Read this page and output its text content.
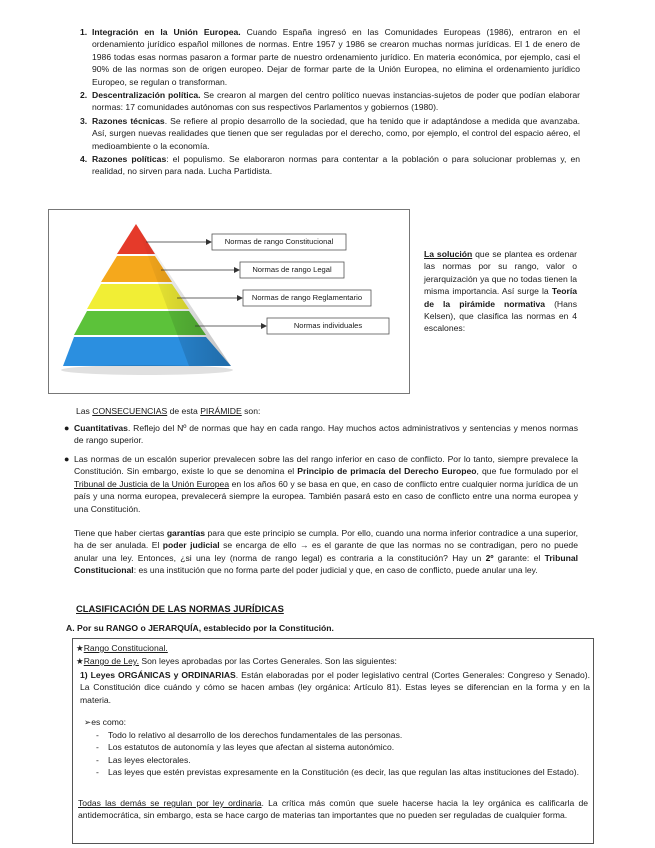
1. Integración en la Unión Europea. Cuando España ingresó en las Comunidades Europeas (1986), entraron en el ordenamiento jurídico español millones de normas. Entre 1957 y 1986 se crearon muchas normas jurídicas. El 1 de enero de 1986 todas esas normas pasaron a formar parte de nuestro ordenamiento jurídico. En materia económica, por ejemplo, casi el 90% de las normas son de origen europeo. Dejar de formar parte de la Unión Europea, no elimina el ordenamiento jurídico Europeo, se regulan o transforman.
2. Descentralización política. Se crearon al margen del centro político nuevas instancias-sujetos de poder que podían elaborar normas: 17 comunidades autónomas con sus respectivos Parlamentos y gobiernos (1980).
3. Razones técnicas. Se refiere al propio desarrollo de la sociedad, que ha tenido que ir adaptándose a medida que avanzaba. Así, surgen nuevas realidades que tienen que ser reguladas por el derecho, como, por ejemplo, el control del espacio aéreo, el medioambiente o la economía.
4. Razones políticas: el populismo. Se elaboraron normas para contentar a la población o para solucionar problemas y, en realidad, no sirven para nada. Lucha Partidista.
Normas de rango Constitucional
Normas de rango Legal
Normas de rango Reglamentario
Normas individuales

La solución que se plantea es ordenar las normas por su rango, valor o jerarquización ya que no todas tienen la misma importancia. Así surge la Teoría de la pirámide normativa (Hans Kelsen), que clasifica las normas en 4 escalones:

Las CONSECUENCIAS de esta PIRÁMIDE son:

● Cuantitativas. Reflejo del Nº de normas que hay en cada rango. Hay muchos actos administrativos y sentencias y menos normas de rango superior.
● Las normas de un escalón superior prevalecen sobre las del rango inferior en caso de conflicto. Por lo tanto, siempre prevalece la Constitución. Sin embargo, existe lo que se denomina el Principio de primacía del Derecho Europeo, que fue formulado por el Tribunal de Justicia de la Unión Europea en los años 60 y se basa en que, en caso de conflicto entre cualquier norma jurídica de un país y una norma europea, prevalecerá siempre la europea. También pasará esto en caso de conflicto entre una norma europea y una Constitución.

Tiene que haber ciertas garantías para que este principio se cumpla. Por ello, cuando una norma inferior contradice a una superior, ha de ser anulada. El poder judicial se encarga de ello → es el garante de que las normas no se contradigan, pero no puede anular una ley. Entonces, ¿si una ley (norma de rango legal) es contraria a la constitución? Hay un 2º garante: el Tribunal Constitucional: es una institución que no forma parte del poder judicial y que, en caso de conflicto, puede anular una ley.

CLASIFICACIÓN DE LAS NORMAS JURÍDICAS

A. Por su RANGO o JERARQUÍA, establecido por la Constitución.

★Rango Constitucional.

★Rango de Ley. Son leyes aprobadas por las Cortes Generales. Son las siguientes:

1) Leyes ORGÁNICAS y ORDINARIAS. Están elaboradas por el poder legislativo central (Cortes Generales: Congreso y Senado). La Constitución dice cuándo y cómo se hacen ambas (ley orgánica: Artículo 81). Estas leyes se diferencian en la forma y en la materia.

➢es como:

- Todo lo relativo al desarrollo de los derechos fundamentales de las personas.
- Los estatutos de autonomía y las leyes que afectan al sistema autonómico.
- Las leyes electorales.
- Las leyes que estén previstas expresamente en la Constitución (es decir, las que regulan las altas instituciones del Estado).

Todas las demás se regulan por ley ordinaria. La crítica más común que suele hacerse hacia la ley orgánica es calificarla de antidemocrática, sin embargo, esta se hace cargo de materias tan importantes que no pueden ser reguladas de cualquier forma.
